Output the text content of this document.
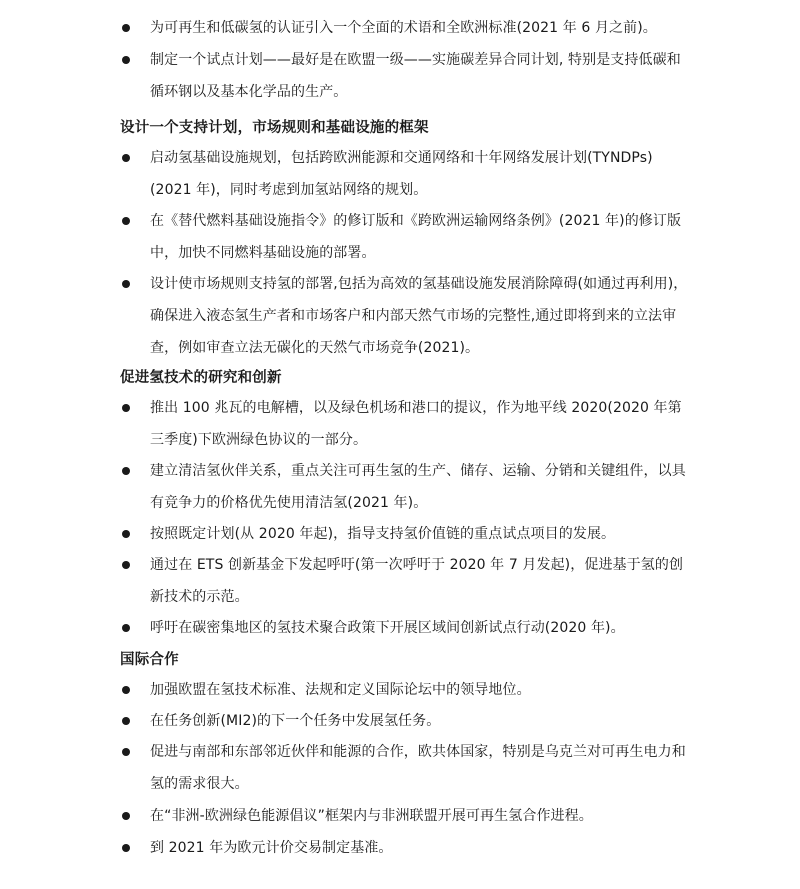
为可再生和低碳氢的认证引入一个全面的术语和全欧洲标准(2021 年 6 月之前)。
制定一个试点计划——最好是在欧盟一级——实施碳差异合同计划, 特别是支持低碳和循环钢以及基本化学品的生产。
设计一个支持计划，市场规则和基础设施的框架
启动氢基础设施规划，包括跨欧洲能源和交通网络和十年网络发展计划(TYNDPs)(2021 年)，同时考虑到加氢站网络的规划。
在《替代燃料基础设施指令》的修订版和《跨欧洲运输网络条例》(2021 年)的修订版中，加快不同燃料基础设施的部署。
设计使市场规则支持氢的部署,包括为高效的氢基础设施发展消除障碍(如通过再利用)，确保进入液态氢生产者和市场客户和内部天然气市场的完整性,通过即将到来的立法审查，例如审查立法无碳化的天然气市场竞争(2021)。
促进氢技术的研究和创新
推出 100 兆瓦的电解槽，以及绿色机场和港口的提议，作为地平线 2020(2020 年第三季度)下欧洲绿色协议的一部分。
建立清洁氢伙伴关系，重点关注可再生氢的生产、储存、运输、分销和关键组件，以具有竞争力的价格优先使用清洁氢(2021 年)。
按照既定计划(从 2020 年起)，指导支持氢价值链的重点试点项目的发展。
通过在 ETS 创新基金下发起呼吁(第一次呼吁于 2020 年 7 月发起)，促进基于氢的创新技术的示范。
呼吁在碳密集地区的氢技术聚合政策下开展区域间创新试点行动(2020 年)。
国际合作
加强欧盟在氢技术标准、法规和定义国际论坛中的领导地位。
在任务创新(MI2)的下一个任务中发展氢任务。
促进与南部和东部邻近伙伴和能源的合作，欧共体国家，特别是乌克兰对可再生电力和氢的需求很大。
在“非洲-欧洲绿色能源倡议”框架内与非洲联盟开展可再生氢合作进程。
到 2021 年为欧元计价交易制定基准。
